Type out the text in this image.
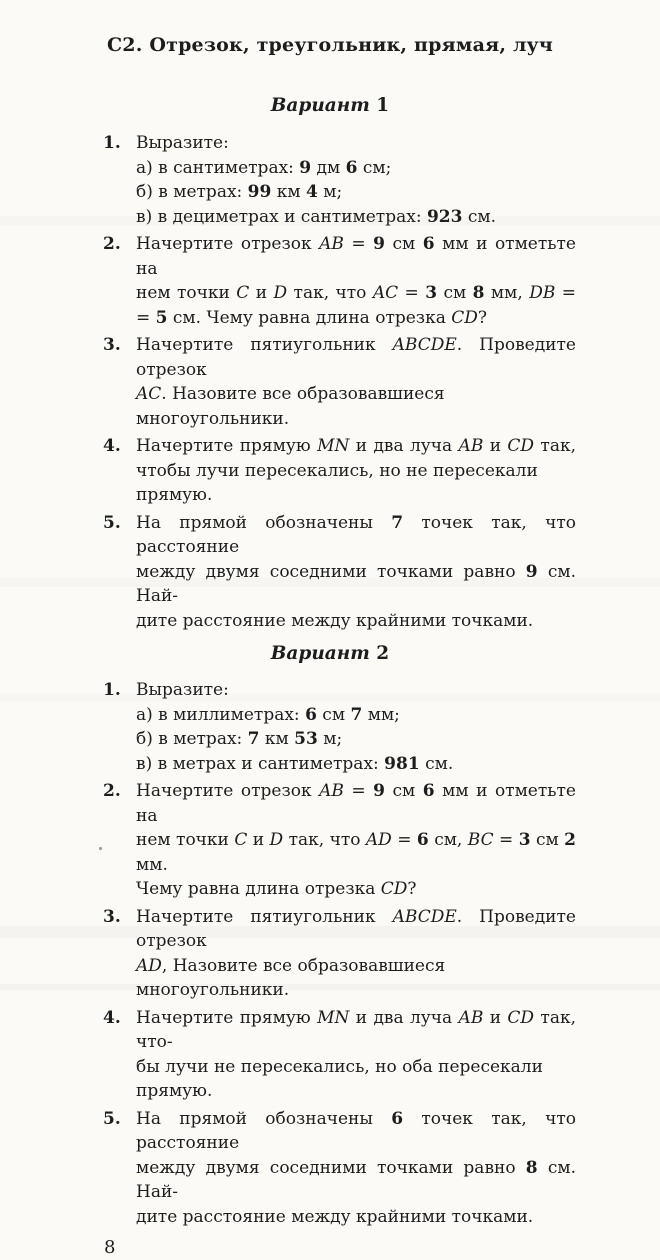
С2. Отрезок, треугольник, прямая, луч
Вариант 1
1. Выразите:
а) в сантиметрах: 9 дм 6 см;
б) в метрах: 99 км 4 м;
в) в дециметрах и сантиметрах: 923 см.
2. Начертите отрезок AB = 9 см 6 мм и отметьте на
нем точки C и D так, что AC = 3 см 8 мм, DB =
= 5 см. Чему равна длина отрезка CD?
3. Начертите пятиугольник ABCDE. Проведите отрезок
AC. Назовите все образовавшиеся многоугольники.
4. Начертите прямую MN и два луча AB и CD так,
чтобы лучи пересекались, но не пересекали прямую.
5. На прямой обозначены 7 точек так, что расстояние
между двумя соседними точками равно 9 см. Най-
дите расстояние между крайними точками.
Вариант 2
1. Выразите:
а) в миллиметрах: 6 см 7 мм;
б) в метрах: 7 км 53 м;
в) в метрах и сантиметрах: 981 см.
2. Начертите отрезок AB = 9 см 6 мм и отметьте на
нем точки C и D так, что AD = 6 см, BC = 3 см 2 мм.
Чему равна длина отрезка CD?
3. Начертите пятиугольник ABCDE. Проведите отрезок
AD, Назовите все образовавшиеся многоугольники.
4. Начертите прямую MN и два луча AB и CD так, что-
бы лучи не пересекались, но оба пересекали прямую.
5. На прямой обозначены 6 точек так, что расстояние
между двумя соседними точками равно 8 см. Най-
дите расстояние между крайними точками.
8
